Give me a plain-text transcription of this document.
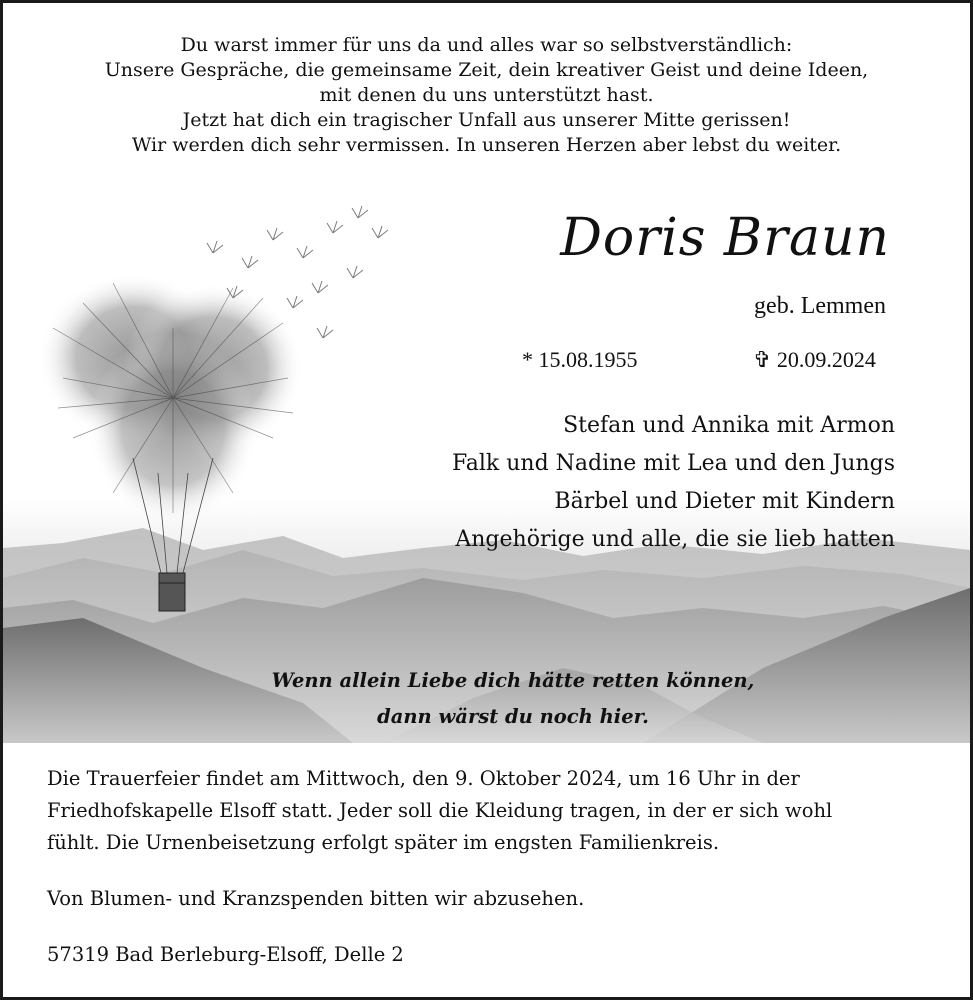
Du warst immer für uns da und alles war so selbstverständlich:
Unsere Gespräche, die gemeinsame Zeit, dein kreativer Geist und deine Ideen,
mit denen du uns unterstützt hast.
Jetzt hat dich ein tragischer Unfall aus unserer Mitte gerissen!
Wir werden dich sehr vermissen. In unseren Herzen aber lebst du weiter.
Doris Braun
geb. Lemmen
* 15.08.1955	✞ 20.09.2024
Stefan und Annika mit Armon
Falk und Nadine mit Lea und den Jungs
Bärbel und Dieter mit Kindern
Angehörige und alle, die sie lieb hatten
Wenn allein Liebe dich hätte retten können,
dann wärst du noch hier.
Die Trauerfeier findet am Mittwoch, den 9. Oktober 2024, um 16 Uhr in der
Friedhofskapelle Elsoff statt. Jeder soll die Kleidung tragen, in der er sich wohl
fühlt. Die Urnenbeisetzung erfolgt später im engsten Familienkreis.
Von Blumen- und Kranzspenden bitten wir abzusehen.
57319 Bad Berleburg-Elsoff, Delle 2
